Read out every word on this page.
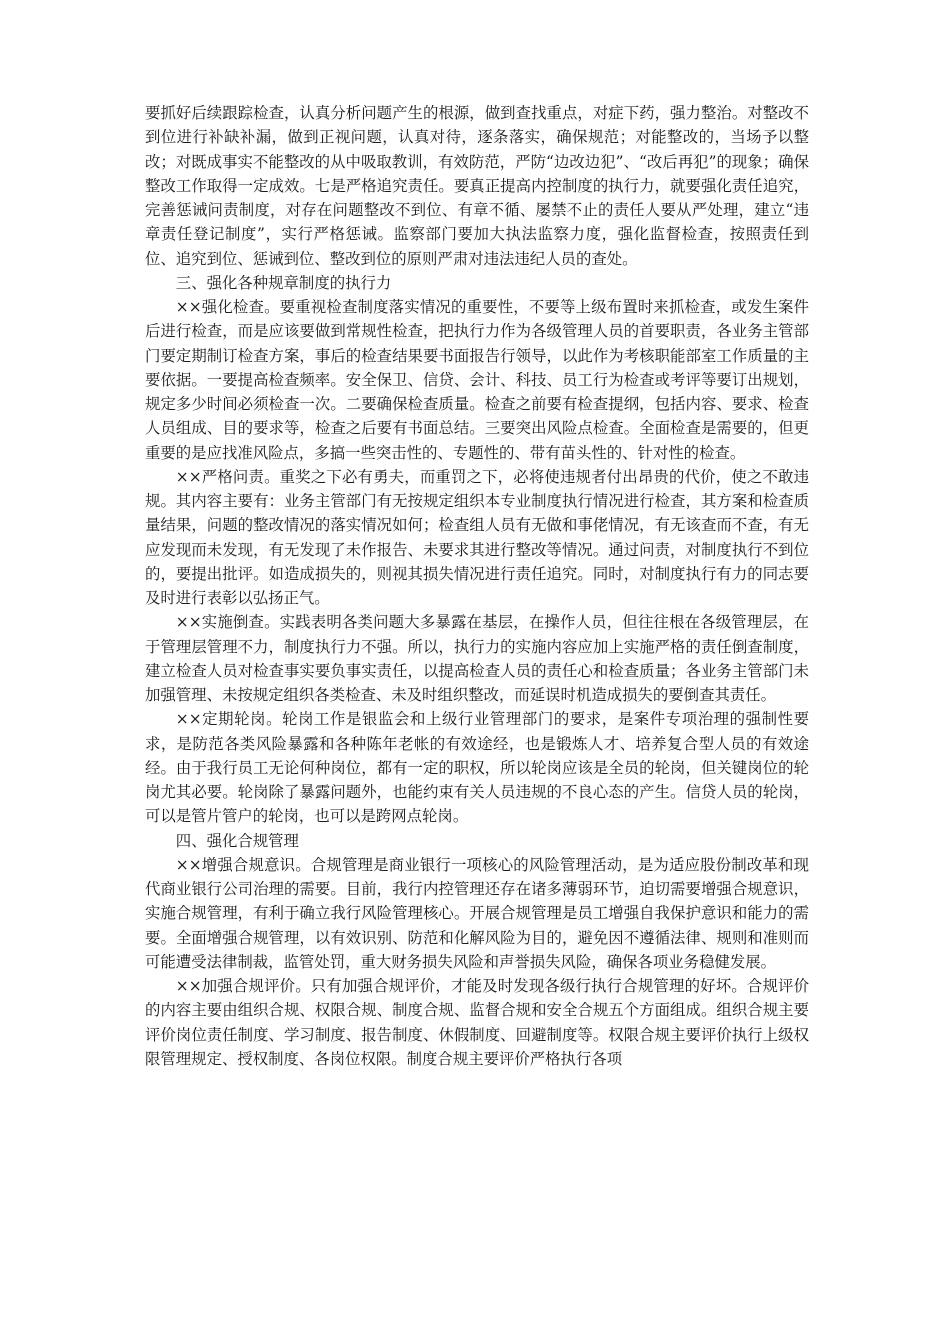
要抓好后续跟踪检查，认真分析问题产生的根源，做到查找重点，对症下药，强力整治。对整改不到位进行补缺补漏，做到正视问题，认真对待，逐条落实，确保规范；对能整改的，当场予以整改；对既成事实不能整改的从中吸取教训，有效防范，严防“边改边犯”、“改后再犯”的现象；确保整改工作取得一定成效。七是严格追究责任。要真正提高内控制度的执行力，就要强化责任追究，完善惩诫问责制度，对存在问题整改不到位、有章不循、屡禁不止的责任人要从严处理，建立“违章责任登记制度”，实行严格惩诫。监察部门要加大执法监察力度，强化监督检查，按照责任到位、追究到位、惩诫到位、整改到位的原则严肃对违法违纪人员的查处。

三、强化各种规章制度的执行力

××强化检查。要重视检查制度落实情况的重要性，不要等上级布置时来抓检查，或发生案件后进行检查，而是应该要做到常规性检查，把执行力作为各级管理人员的首要职责，各业务主管部门要定期制订检查方案，事后的检查结果要书面报告行领导，以此作为考核职能部室工作质量的主要依据。一要提高检查频率。安全保卫、信贷、会计、科技、员工行为检查或考评等要订出规划，规定多少时间必须检查一次。二要确保检查质量。检查之前要有检查提纲，包括内容、要求、检查人员组成、目的要求等，检查之后要有书面总结。三要突出风险点检查。全面检查是需要的，但更重要的是应找准风险点，多搞一些突击性的、专题性的、带有苗头性的、针对性的检查。

××严格问责。重奖之下必有勇夫，而重罚之下，必将使违规者付出昂贵的代价，使之不敢违规。其内容主要有：业务主管部门有无按规定组织本专业制度执行情况进行检查，其方案和检查质量结果，问题的整改情况的落实情况如何；检查组人员有无做和事佬情况，有无该查而不查，有无应发现而未发现，有无发现了未作报告、未要求其进行整改等情况。通过问责，对制度执行不到位的，要提出批评。如造成损失的，则视其损失情况进行责任追究。同时，对制度执行有力的同志要及时进行表彰以弘扬正气。

××实施倒查。实践表明各类问题大多暴露在基层，在操作人员，但往往根在各级管理层，在于管理层管理不力，制度执行力不强。所以，执行力的实施内容应加上实施严格的责任倒查制度，建立检查人员对检查事实要负事实责任，以提高检查人员的责任心和检查质量；各业务主管部门未加强管理、未按规定组织各类检查、未及时组织整改，而延误时机造成损失的要倒查其责任。

××定期轮岗。轮岗工作是银监会和上级行业管理部门的要求，是案件专项治理的强制性要求，是防范各类风险暴露和各种陈年老帐的有效途经，也是锻炼人才、培养复合型人员的有效途经。由于我行员工无论何种岗位，都有一定的职权，所以轮岗应该是全员的轮岗，但关键岗位的轮岗尤其必要。轮岗除了暴露问题外，也能约束有关人员违规的不良心态的产生。信贷人员的轮岗，可以是管片管户的轮岗，也可以是跨网点轮岗。

四、强化合规管理

××增强合规意识。合规管理是商业银行一项核心的风险管理活动，是为适应股份制改革和现代商业银行公司治理的需要。目前，我行内控管理还存在诸多薄弱环节，迫切需要增强合规意识，实施合规管理，有利于确立我行风险管理核心。开展合规管理是员工增强自我保护意识和能力的需要。全面增强合规管理，以有效识别、防范和化解风险为目的，避免因不遵循法律、规则和准则而可能遭受法律制裁，监管处罚，重大财务损失风险和声誉损失风险，确保各项业务稳健发展。

××加强合规评价。只有加强合规评价，才能及时发现各级行执行合规管理的好坏。合规评价的内容主要由组织合规、权限合规、制度合规、监督合规和安全合规五个方面组成。组织合规主要评价岗位责任制度、学习制度、报告制度、休假制度、回避制度等。权限合规主要评价执行上级权限管理规定、授权制度、各岗位权限。制度合规主要评价严格执行各项
